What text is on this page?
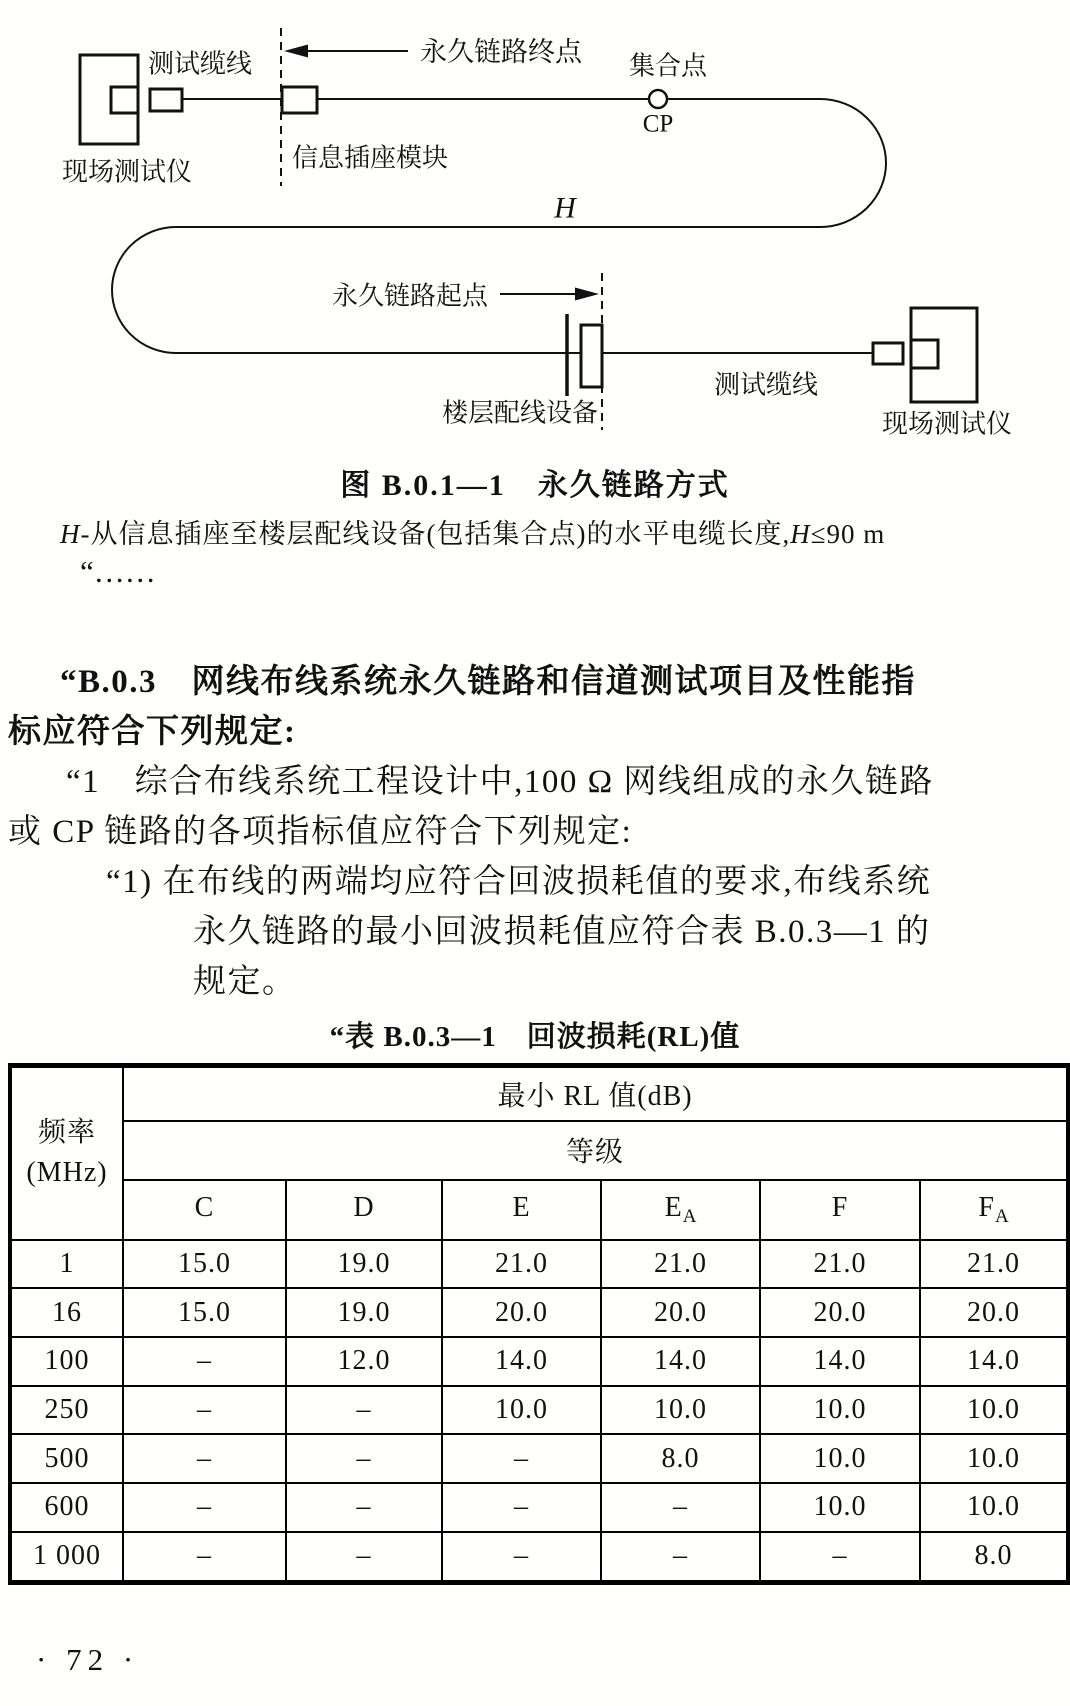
永久链路终点
信息插座模块
测试缆线
现场测试仪
集合点
CP
H
永久链路起点
楼层配线设备
测试缆线
现场测试仪
图 B.0.1—1　永久链路方式
H-从信息插座至楼层配线设备(包括集合点)的水平电缆长度,H≤90 m
“……
“B.0.3　网线布线系统永久链路和信道测试项目及性能指
标应符合下列规定:
“1　综合布线系统工程设计中,100 Ω 网线组成的永久链路
或 CP 链路的各项指标值应符合下列规定:
“1) 在布线的两端均应符合回波损耗值的要求,布线系统
永久链路的最小回波损耗值应符合表 B.0.3—1 的
规定。
“表 B.0.3—1　回波损耗(RL)值
频率
(MHz)	最小 RL 值(dB)					
	等级					
	C	D	E	$E_A$	F	$F_A$
1	15.0	19.0	21.0	21.0	21.0	21.0
16	15.0	19.0	20.0	20.0	20.0	20.0
100	–	12.0	14.0	14.0	14.0	14.0
250	–	–	10.0	10.0	10.0	10.0
500	–	–	–	8.0	10.0	10.0
600	–	–	–	–	10.0	10.0
1 000	–	–	–	–	–	8.0
· 72 ·
